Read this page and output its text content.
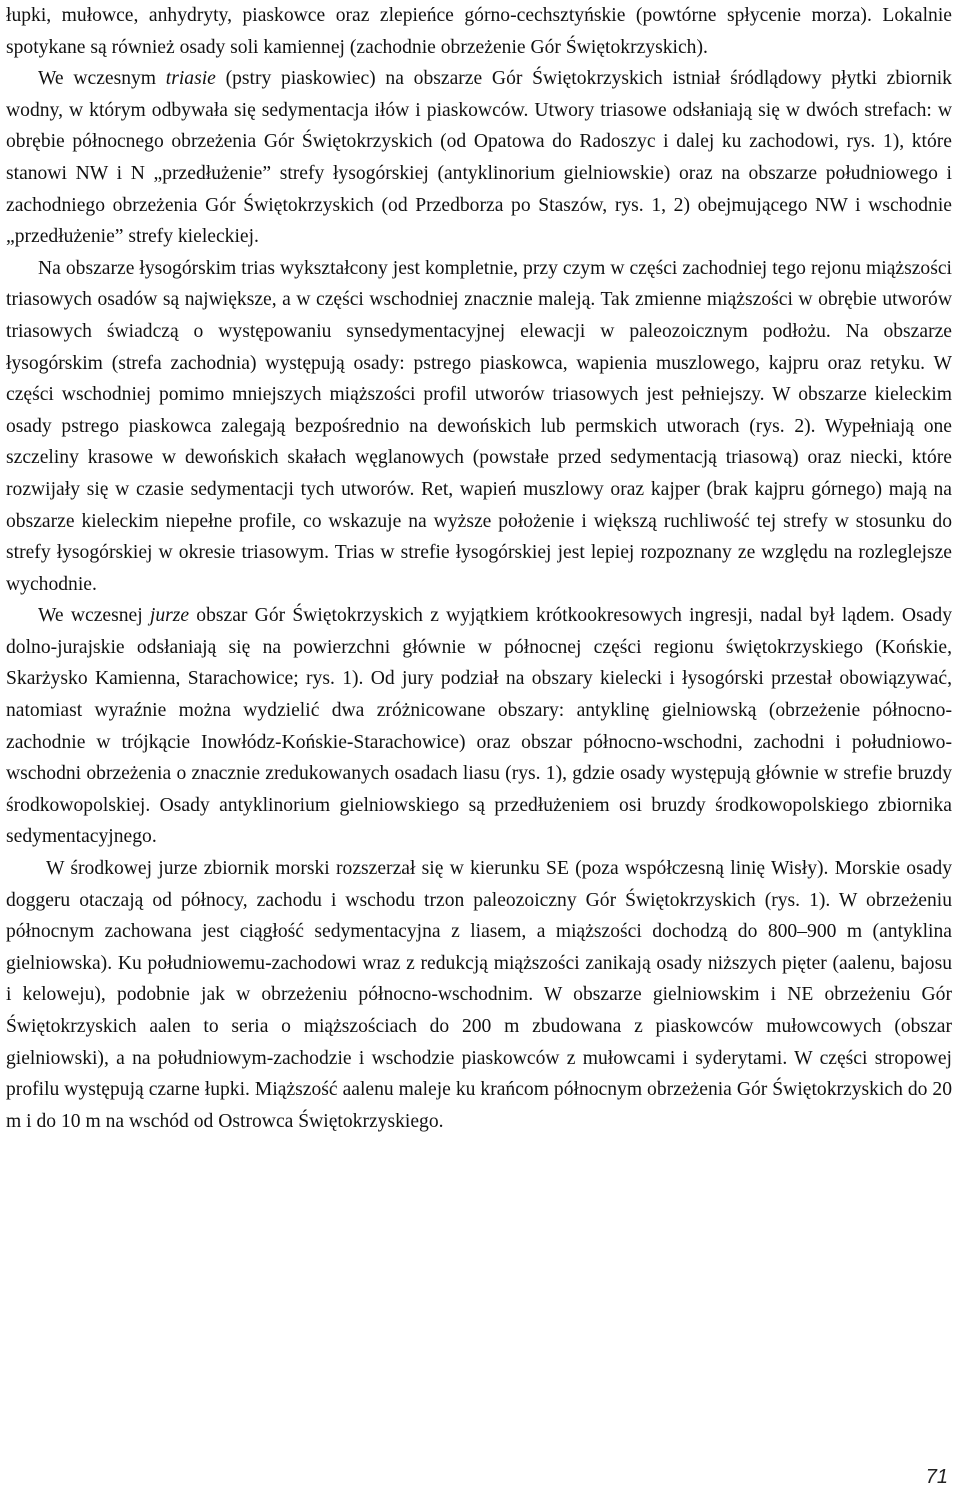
łupki, mułowce, anhydryty, piaskowce oraz zlepieńce górno-cechsztyńskie (powtórne spłycenie morza). Lokalnie spotykane są również osady soli kamiennej (zachodnie obrzeżenie Gór Świętokrzyskich).

We wczesnym triasie (pstry piaskowiec) na obszarze Gór Świętokrzyskich istniał śródlądowy płytki zbiornik wodny, w którym odbywała się sedymentacja iłów i piaskowców. Utwory triasowe odsłaniają się w dwóch strefach: w obrębie północnego obrzeżenia Gór Świętokrzyskich (od Opatowa do Radoszyc i dalej ku zachodowi, rys. 1), które stanowi NW i N „przedłużenie” strefy łysogórskiej (antyklinorium gielniowskie) oraz na obszarze południowego i zachodniego obrzeżenia Gór Świętokrzyskich (od Przedborza po Staszów, rys. 1, 2) obejmującego NW i wschodnie „przedłużenie” strefy kieleckiej.

Na obszarze łysogórskim trias wykształcony jest kompletnie, przy czym w części zachodniej tego rejonu miąższości triasowych osadów są największe, a w części wschodniej znacznie maleją. Tak zmienne miąższości w obrębie utworów triasowych świadczą o występowaniu synsedymentacyjnej elewacji w paleozoicznym podłożu. Na obszarze łysogórskim (strefa zachodnia) występują osady: pstrego piaskowca, wapienia muszlowego, kajpru oraz retyku. W części wschodniej pomimo mniejszych miąższości profil utworów triasowych jest pełniejszy. W obszarze kieleckim osady pstrego piaskowca zalegają bezpośrednio na dewońskich lub permskich utworach (rys. 2). Wypełniają one szczeliny krasowe w dewońskich skałach węglanowych (powstałe przed sedymentacją triasową) oraz niecki, które rozwijały się w czasie sedymentacji tych utworów. Ret, wapień muszlowy oraz kajper (brak kajpru górnego) mają na obszarze kieleckim niepełne profile, co wskazuje na wyższe położenie i większą ruchliwość tej strefy w stosunku do strefy łysogórskiej w okresie triasowym. Trias w strefie łysogórskiej jest lepiej rozpoznany ze względu na rozleglejsze wychodnie.

We wczesnej jurze obszar Gór Świętokrzyskich z wyjątkiem krótkookresowych ingresji, nadal był lądem. Osady dolno-jurajskie odsłaniają się na powierzchni głównie w północnej części regionu świętokrzyskiego (Końskie, Skarżysko Kamienna, Starachowice; rys. 1). Od jury podział na obszary kielecki i łysogórski przestał obowiązywać, natomiast wyraźnie można wydzielić dwa zróżnicowane obszary: antyklinę gielniowską (obrzeżenie północno-zachodnie w trójkącie Inowłódz-Końskie-Starachowice) oraz obszar północno-wschodni, zachodni i południowo-wschodni obrzeżenia o znacznie zredukowanych osadach liasu (rys. 1), gdzie osady występują głównie w strefie bruzdy środkowopolskiej. Osady antyklinorium gielniowskiego są przedłużeniem osi bruzdy środkowopolskiego zbiornika sedymentacyjnego.

W środkowej jurze zbiornik morski rozszerzał się w kierunku SE (poza współczesną linię Wisły). Morskie osady doggeru otaczają od północy, zachodu i wschodu trzon paleozoiczny Gór Świętokrzyskich (rys. 1). W obrzeżeniu północnym zachowana jest ciągłość sedymentacyjna z liasem, a miąższości dochodzą do 800–900 m (antyklina gielniowska). Ku południowemu-zachodowi wraz z redukcją miąższości zanikają osady niższych pięter (aalenu, bajosu i keloweju), podobnie jak w obrzeżeniu północno-wschodnim. W obszarze gielniowskim i NE obrzeżeniu Gór Świętokrzyskich aalen to seria o miąższościach do 200 m zbudowana z piaskowców mułowcowych (obszar gielniowski), a na południowym-zachodzie i wschodzie piaskowców z mułowcami i syderytami. W części stropowej profilu występują czarne łupki. Miąższość aalenu maleje ku krańcom północnym obrzeżenia Gór Świętokrzyskich do 20 m i do 10 m na wschód od Ostrowca Świętokrzyskiego.

71
